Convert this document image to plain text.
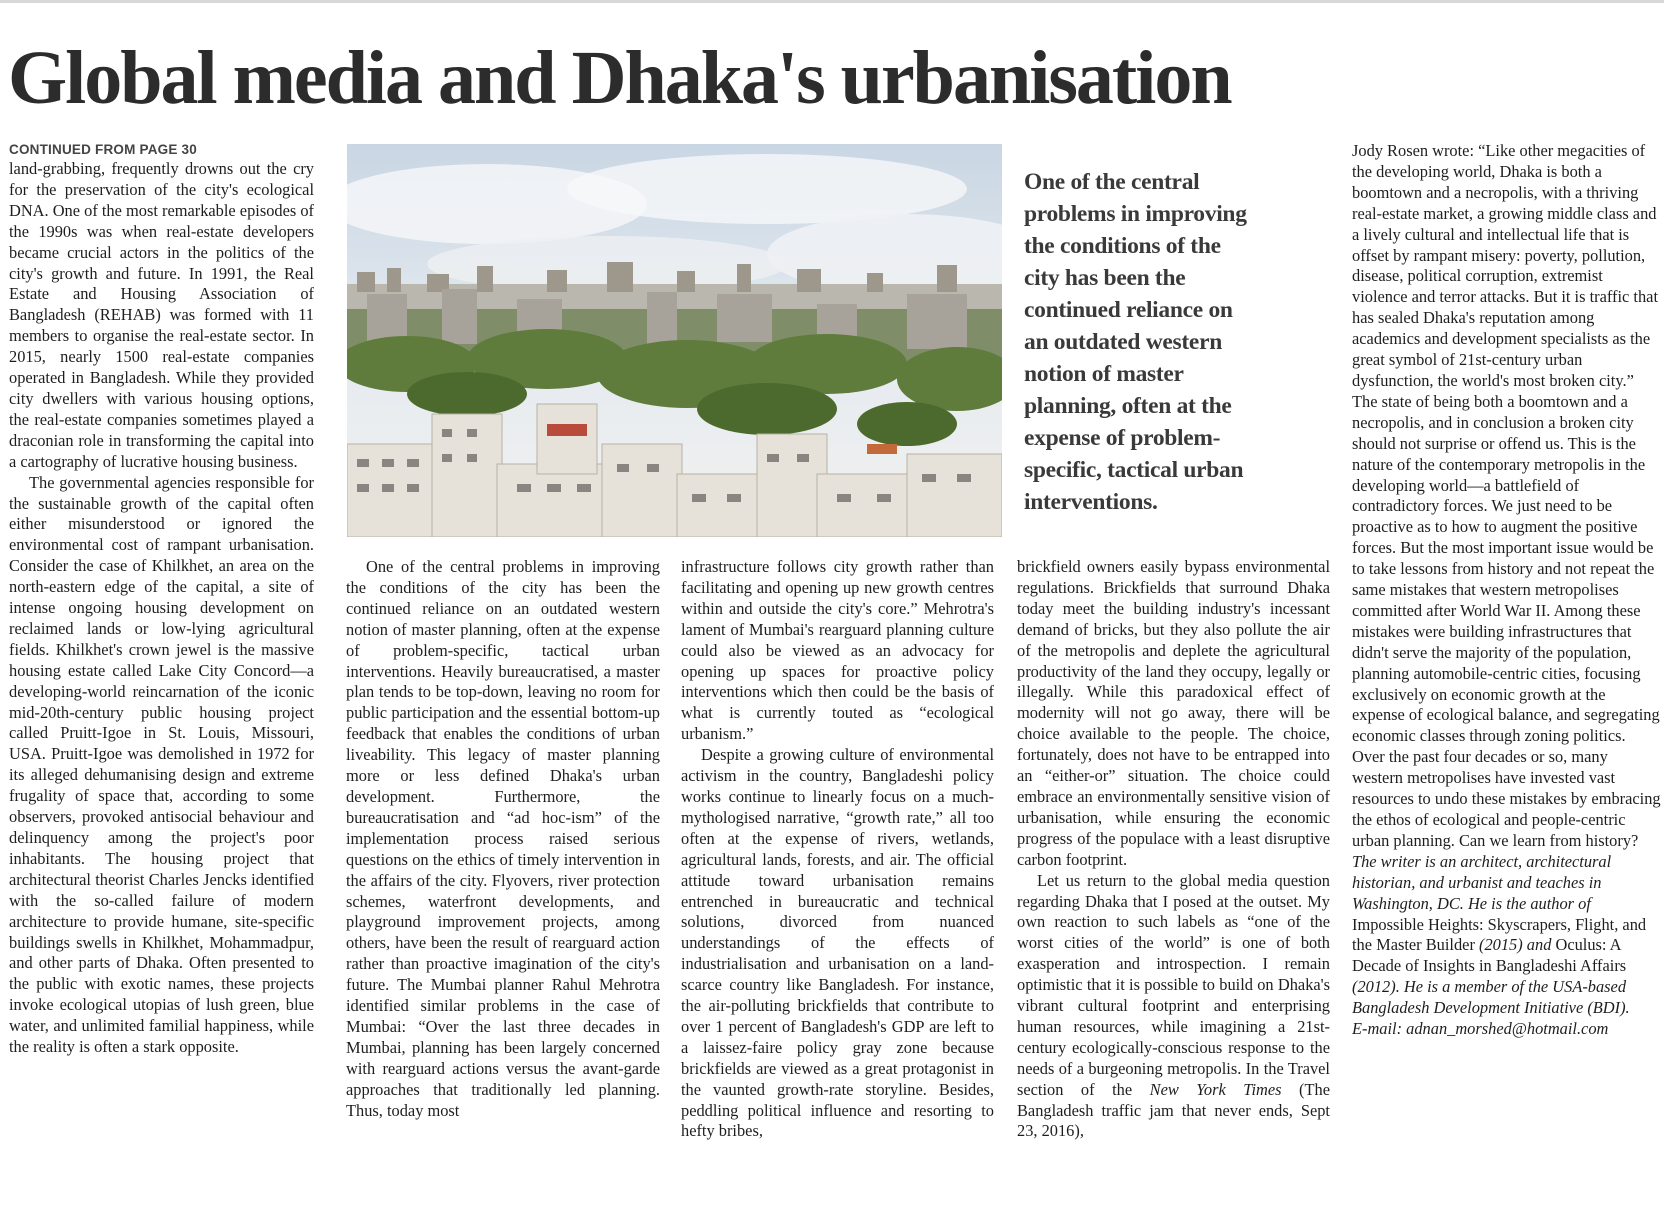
Global media and Dhaka's urbanisation
CONTINUED FROM PAGE 30

land-grabbing, frequently drowns out the cry for the preservation of the city's ecological DNA. One of the most remarkable episodes of the 1990s was when real-estate developers became crucial actors in the politics of the city's growth and future. In 1991, the Real Estate and Housing Association of Bangladesh (REHAB) was formed with 11 members to organise the real-estate sector. In 2015, nearly 1500 real-estate companies operated in Bangladesh. While they provided city dwellers with various housing options, the real-estate companies sometimes played a draconian role in transforming the capital into a cartography of lucrative housing business.

The governmental agencies responsible for the sustainable growth of the capital often either misunderstood or ignored the environmental cost of rampant urbanisation. Consider the case of Khilkhet, an area on the north-eastern edge of the capital, a site of intense ongoing housing development on reclaimed lands or low-lying agricultural fields. Khilkhet's crown jewel is the massive housing estate called Lake City Concord—a developing-world reincarnation of the iconic mid-20th-century public housing project called Pruitt-Igoe in St. Louis, Missouri, USA. Pruitt-Igoe was demolished in 1972 for its alleged dehumanising design and extreme frugality of space that, according to some observers, provoked antisocial behaviour and delinquency among the project's poor inhabitants. The housing project that architectural theorist Charles Jencks identified with the so-called failure of modern architecture to provide humane, site-specific buildings swells in Khilkhet, Mohammadpur, and other parts of Dhaka. Often presented to the public with exotic names, these projects invoke ecological utopias of lush green, blue water, and unlimited familial happiness, while the reality is often a stark opposite.

One of the central problems in improving the conditions of the city has been the continued reliance on an outdated western notion of master planning, often at the expense of problem-specific, tactical urban interventions.

One of the central problems in improving the conditions of the city has been the continued reliance on an outdated western notion of master planning, often at the expense of problem-specific, tactical urban interventions. Heavily bureaucratised, a master plan tends to be top-down, leaving no room for public participation and the essential bottom-up feedback that enables the conditions of urban liveability. This legacy of master planning more or less defined Dhaka's urban development. Furthermore, the bureaucratisation and “ad hoc-ism” of the implementation process raised serious questions on the ethics of timely intervention in the affairs of the city. Flyovers, river protection schemes, waterfront developments, and playground improvement projects, among others, have been the result of rearguard action rather than proactive imagination of the city's future. The Mumbai planner Rahul Mehrotra identified similar problems in the case of Mumbai: “Over the last three decades in Mumbai, planning has been largely concerned with rearguard actions versus the avant-garde approaches that traditionally led planning. Thus, today most

infrastructure follows city growth rather than facilitating and opening up new growth centres within and outside the city's core.” Mehrotra's lament of Mumbai's rearguard planning culture could also be viewed as an advocacy for opening up spaces for proactive policy interventions which then could be the basis of what is currently touted as “ecological urbanism.”

Despite a growing culture of environmental activism in the country, Bangladeshi policy works continue to linearly focus on a much-mythologised narrative, “growth rate,” all too often at the expense of rivers, wetlands, agricultural lands, forests, and air. The official attitude toward urbanisation remains entrenched in bureaucratic and technical solutions, divorced from nuanced understandings of the effects of industrialisation and urbanisation on a land-scarce country like Bangladesh. For instance, the air-polluting brickfields that contribute to over 1 percent of Bangladesh's GDP are left to a laissez-faire policy gray zone because brickfields are viewed as a great protagonist in the vaunted growth-rate storyline. Besides, peddling political influence and resorting to hefty bribes,

brickfield owners easily bypass environmental regulations. Brickfields that surround Dhaka today meet the building industry's incessant demand of bricks, but they also pollute the air of the metropolis and deplete the agricultural productivity of the land they occupy, legally or illegally. While this paradoxical effect of modernity will not go away, there will be choice available to the people. The choice, fortunately, does not have to be entrapped into an “either-or” situation. The choice could embrace an environmentally sensitive vision of urbanisation, while ensuring the economic progress of the populace with a least disruptive carbon footprint.

Let us return to the global media question regarding Dhaka that I posed at the outset. My own reaction to such labels as “one of the worst cities of the world” is one of both exasperation and introspection. I remain optimistic that it is possible to build on Dhaka's vibrant cultural footprint and enterprising human resources, while imagining a 21st-century ecologically-conscious response to the needs of a burgeoning metropolis. In the Travel section of the New York Times (The Bangladesh traffic jam that never ends, Sept 23, 2016),

Jody Rosen wrote: “Like other megacities of the developing world, Dhaka is both a boomtown and a necropolis, with a thriving real-estate market, a growing middle class and a lively cultural and intellectual life that is offset by rampant misery: poverty, pollution, disease, political corruption, extremist violence and terror attacks. But it is traffic that has sealed Dhaka's reputation among academics and development specialists as the great symbol of 21st-century urban dysfunction, the world's most broken city.” The state of being both a boomtown and a necropolis, and in conclusion a broken city should not surprise or offend us. This is the nature of the contemporary metropolis in the developing world—a battlefield of contradictory forces. We just need to be proactive as to how to augment the positive forces. But the most important issue would be to take lessons from history and not repeat the same mistakes that western metropolises committed after World War II. Among these mistakes were building infrastructures that didn't serve the majority of the population, planning automobile-centric cities, focusing exclusively on economic growth at the expense of ecological balance, and segregating economic classes through zoning politics. Over the past four decades or so, many western metropolises have invested vast resources to undo these mistakes by embracing the ethos of ecological and people-centric urban planning. Can we learn from history?

The writer is an architect, architectural historian, and urbanist and teaches in Washington, DC. He is the author of Impossible Heights: Skyscrapers, Flight, and the Master Builder (2015) and Oculus: A Decade of Insights in Bangladeshi Affairs (2012). He is a member of the USA-based Bangladesh Development Initiative (BDI).
E-mail: adnan_morshed@hotmail.com
